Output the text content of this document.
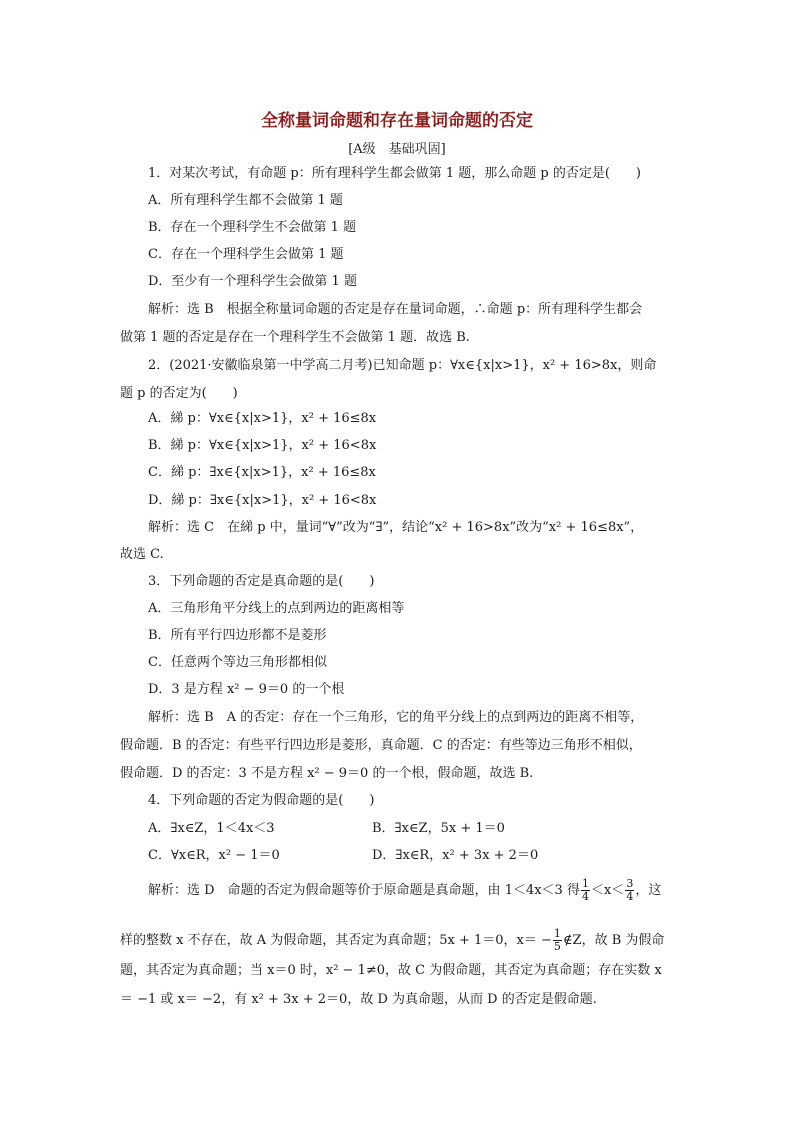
全称量词命题和存在量词命题的否定
[A级　基础巩固]
1．对某次考试，有命题 p：所有理科学生都会做第 1 题，那么命题 p 的否定是(　　)
A．所有理科学生都不会做第 1 题
B．存在一个理科学生不会做第 1 题
C．存在一个理科学生会做第 1 题
D．至少有一个理科学生会做第 1 题
解析：选 B　根据全称量词命题的否定是存在量词命题，∴命题 p：所有理科学生都会
做第 1 题的否定是存在一个理科学生不会做第 1 题．故选 B.
2．(2021·安徽临泉第一中学高二月考)已知命题 p：∀x∈{x|x>1}，x² + 16>8x，则命
题 p 的否定为(　　)
A．綈 p：∀x∈{x|x>1}，x² + 16≤8x
B．綈 p：∀x∈{x|x>1}，x² + 16<8x
C．綈 p：∃x∈{x|x>1}，x² + 16≤8x
D．綈 p：∃x∈{x|x>1}，x² + 16<8x
解析：选 C　在綈 p 中，量词“∀”改为“∃”，结论“x² + 16>8x”改为“x² + 16≤8x”，
故选 C.
3．下列命题的否定是真命题的是(　　)
A．三角形角平分线上的点到两边的距离相等
B．所有平行四边形都不是菱形
C．任意两个等边三角形都相似
D．3 是方程 x² − 9＝0 的一个根
解析：选 B　A 的否定：存在一个三角形，它的角平分线上的点到两边的距离不相等，
假命题．B 的否定：有些平行四边形是菱形，真命题．C 的否定：有些等边三角形不相似，
假命题．D 的否定：3 不是方程 x² − 9＝0 的一个根，假命题，故选 B.
4．下列命题的否定为假命题的是(　　)
A．∃x∈Z，1＜4x＜3	B．∃x∈Z，5x + 1＝0
C．∀x∈R，x² − 1＝0	D．∃x∈R，x² + 3x + 2＝0
解析：选 D　命题的否定为假命题等价于原命题是真命题，由 1＜4x＜3 得 $\frac{1}{4} <x< \frac{3}{4}$ ，这
样的整数 x 不存在，故 A 为假命题，其否定为真命题；5x + 1＝0，$x= - \frac{1}{5}$ ∉Z，故 B 为假命
题，其否定为真命题；当 x＝0 时，x² − 1≠0，故 C 为假命题，其否定为真命题；存在实数 x
＝ −1 或 x＝ −2，有 x² + 3x + 2＝0，故 D 为真命题，从而 D 的否定是假命题.
